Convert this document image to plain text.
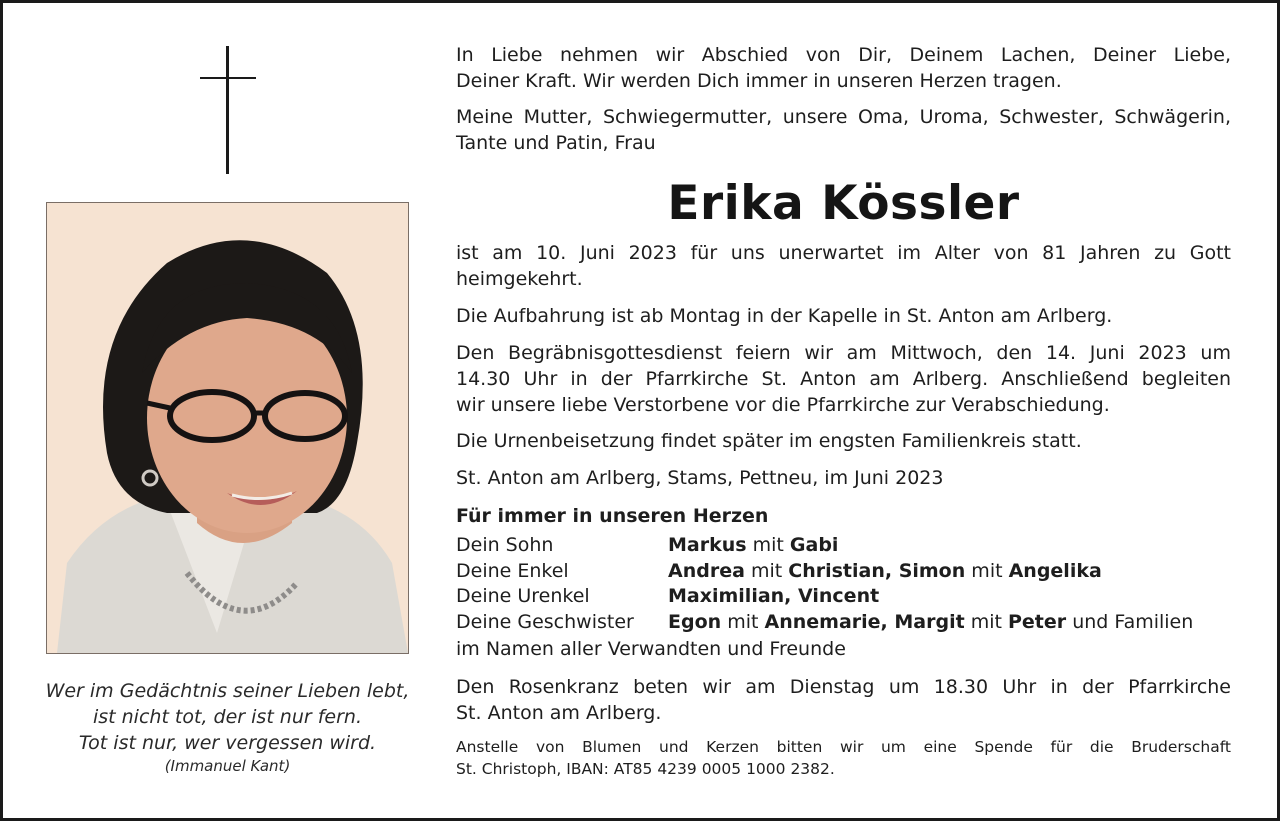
Wer im Gedächtnis seiner Lieben lebt,
ist nicht tot, der ist nur fern.
Tot ist nur, wer vergessen wird.
(Immanuel Kant)
In Liebe nehmen wir Abschied von Dir, Deinem Lachen, Deiner Liebe,
Deiner Kraft. Wir werden Dich immer in unseren Herzen tragen.
Meine Mutter, Schwiegermutter, unsere Oma, Uroma, Schwester, Schwägerin,
Tante und Patin, Frau
Erika Kössler
ist am 10. Juni 2023 für uns unerwartet im Alter von 81 Jahren zu Gott
heimgekehrt.
Die Aufbahrung ist ab Montag in der Kapelle in St. Anton am Arlberg.
Den Begräbnisgottesdienst feiern wir am Mittwoch, den 14. Juni 2023 um
14.30 Uhr in der Pfarrkirche St. Anton am Arlberg. Anschließend begleiten
wir unsere liebe Verstorbene vor die Pfarrkirche zur Verabschiedung.
Die Urnenbeisetzung findet später im engsten Familienkreis statt.
St. Anton am Arlberg, Stams, Pettneu, im Juni 2023
Für immer in unseren Herzen
Dein Sohn	Markus mit Gabi
Deine Enkel	Andrea mit Christian, Simon mit Angelika
Deine Urenkel	Maximilian, Vincent
Deine Geschwister	Egon mit Annemarie, Margit mit Peter und Familien
im Namen aller Verwandten und Freunde
Den Rosenkranz beten wir am Dienstag um 18.30 Uhr in der Pfarrkirche
St. Anton am Arlberg.
Anstelle von Blumen und Kerzen bitten wir um eine Spende für die Bruderschaft
St. Christoph, IBAN: AT85 4239 0005 1000 2382.
